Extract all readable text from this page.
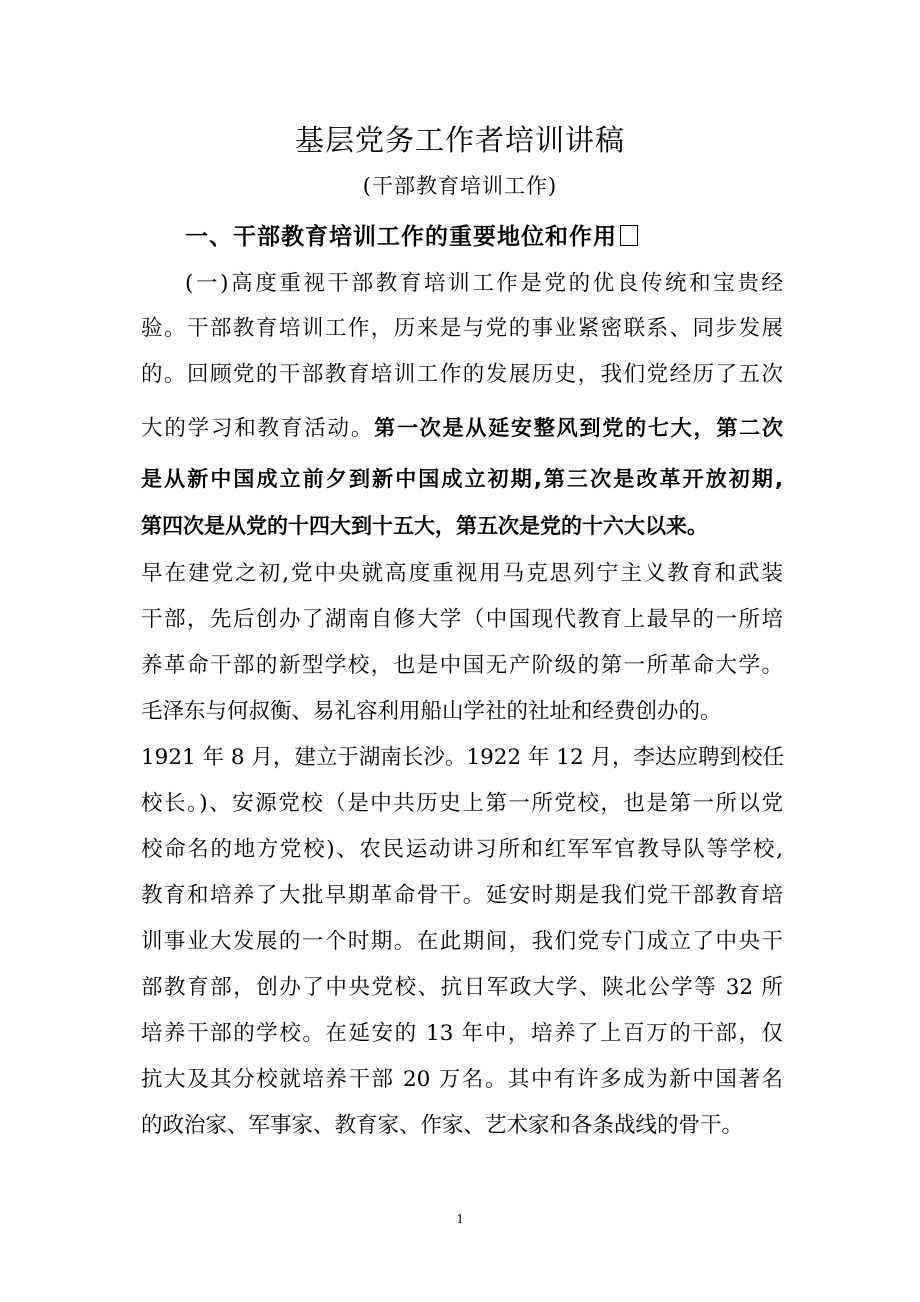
基层党务工作者培训讲稿
(干部教育培训工作)
一、干部教育培训工作的重要地位和作用
(一)高度重视干部教育培训工作是党的优良传统和宝贵经
验。干部教育培训工作，历来是与党的事业紧密联系、同步发展
的。回顾党的干部教育培训工作的发展历史，我们党经历了五次
大的学习和教育活动。第一次是从延安整风到党的七大，第二次
是从新中国成立前夕到新中国成立初期,第三次是改革开放初期,
第四次是从党的十四大到十五大，第五次是党的十六大以来。
早在建党之初,党中央就高度重视用马克思列宁主义教育和武装
干部，先后创办了湖南自修大学（中国现代教育上最早的一所培
养革命干部的新型学校，也是中国无产阶级的第一所革命大学。
毛泽东与何叔衡、易礼容利用船山学社的社址和经费创办的。
1921 年 8 月，建立于湖南长沙。1922 年 12 月，李达应聘到校任
校长。)、安源党校（是中共历史上第一所党校，也是第一所以党
校命名的地方党校)、农民运动讲习所和红军军官教导队等学校,
教育和培养了大批早期革命骨干。延安时期是我们党干部教育培
训事业大发展的一个时期。在此期间，我们党专门成立了中央干
部教育部，创办了中央党校、抗日军政大学、陕北公学等 32 所
培养干部的学校。在延安的 13 年中，培养了上百万的干部，仅
抗大及其分校就培养干部 20 万名。其中有许多成为新中国著名
的政治家、军事家、教育家、作家、艺术家和各条战线的骨干。
1
